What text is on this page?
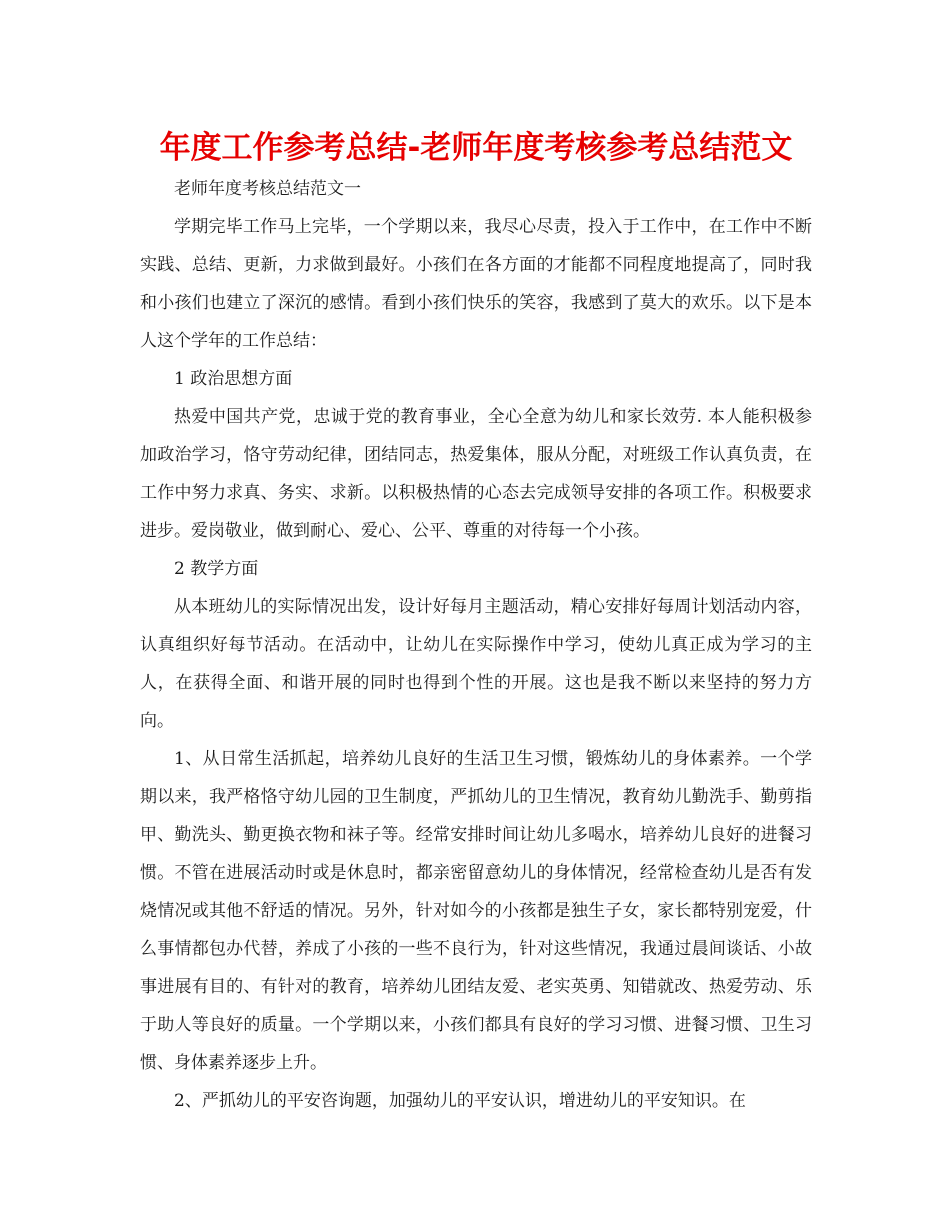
年度工作参考总结-老师年度考核参考总结范文

老师年度考核总结范文一

学期完毕工作马上完毕，一个学期以来，我尽心尽责，投入于工作中，在工作中不断实践、总结、更新，力求做到最好。小孩们在各方面的才能都不同程度地提高了，同时我和小孩们也建立了深沉的感情。看到小孩们快乐的笑容，我感到了莫大的欢乐。以下是本人这个学年的工作总结：

1 政治思想方面

热爱中国共产党，忠诚于党的教育事业，全心全意为幼儿和家长效劳. 本人能积极参加政治学习，恪守劳动纪律，团结同志，热爱集体，服从分配，对班级工作认真负责，在工作中努力求真、务实、求新。以积极热情的心态去完成领导安排的各项工作。积极要求进步。爱岗敬业，做到耐心、爱心、公平、尊重的对待每一个小孩。

2 教学方面

从本班幼儿的实际情况出发，设计好每月主题活动，精心安排好每周计划活动内容，认真组织好每节活动。在活动中，让幼儿在实际操作中学习，使幼儿真正成为学习的主人，在获得全面、和谐开展的同时也得到个性的开展。这也是我不断以来坚持的努力方向。

1、从日常生活抓起，培养幼儿良好的生活卫生习惯，锻炼幼儿的身体素养。一个学期以来，我严格恪守幼儿园的卫生制度，严抓幼儿的卫生情况，教育幼儿勤洗手、勤剪指甲、勤洗头、勤更换衣物和袜子等。经常安排时间让幼儿多喝水，培养幼儿良好的进餐习惯。不管在进展活动时或是休息时，都亲密留意幼儿的身体情况，经常检查幼儿是否有发烧情况或其他不舒适的情况。另外，针对如今的小孩都是独生子女，家长都特别宠爱，什么事情都包办代替，养成了小孩的一些不良行为，针对这些情况，我通过晨间谈话、小故事进展有目的、有针对的教育，培养幼儿团结友爱、老实英勇、知错就改、热爱劳动、乐于助人等良好的质量。一个学期以来，小孩们都具有良好的学习习惯、进餐习惯、卫生习惯、身体素养逐步上升。

2、严抓幼儿的平安咨询题，加强幼儿的平安认识，增进幼儿的平安知识。在
